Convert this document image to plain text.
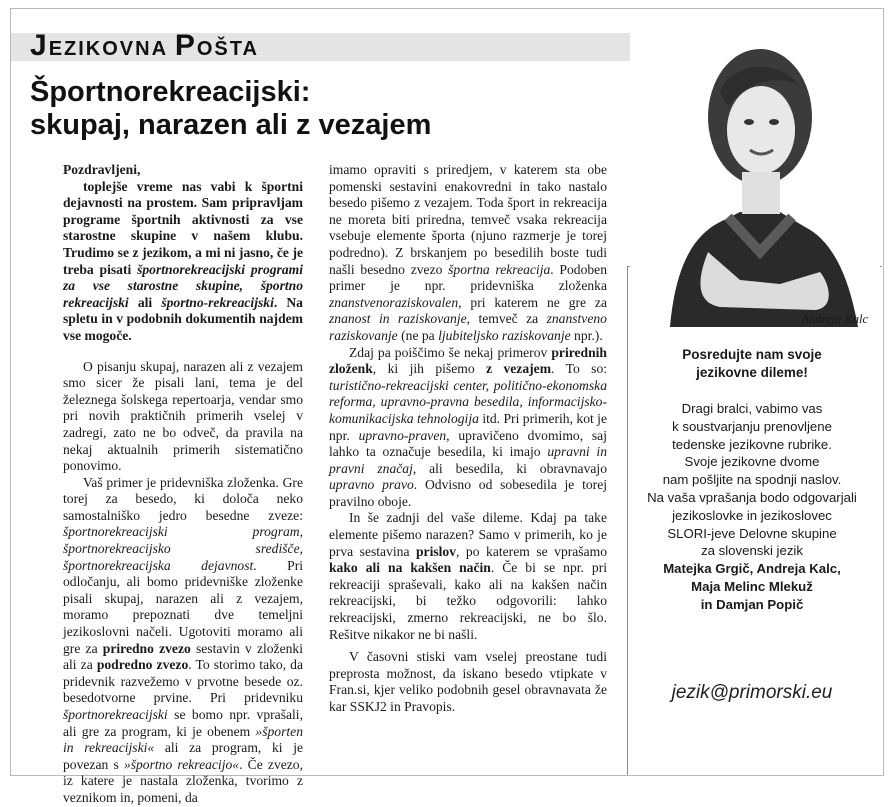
JEZIKOVNA POŠTA
Športnorekreacijski:
skupaj, narazen ali z vezajem

Pozdravljeni,

toplejše vreme nas vabi k športni dejavnosti na prostem. Sam pripravljam programe športnih aktivnosti za vse starostne skupine v našem klubu. Trudimo se z jezikom, a mi ni jasno, če je treba pisati športnorekreacijski programi za vse starostne skupine, športno rekreacijski ali športno-rekreacijski. Na spletu in v podobnih dokumentih najdem vse mogoče.

O pisanju skupaj, narazen ali z vezajem smo sicer že pisali lani, tema je del železnega šolskega repertoarja, vendar smo pri novih praktičnih primerih vselej v zadregi, zato ne bo odveč, da pravila na nekaj aktualnih primerih sistematično ponovimo.

Vaš primer je pridevniška zloženka. Gre torej za besedo, ki določa neko samostalniško jedro besedne zveze: športnorekreacijski program, športnorekreacijsko središče, športnorekreacijska dejavnost. Pri odločanju, ali bomo pridevniške zloženke pisali skupaj, narazen ali z vezajem, moramo prepoznati dve temeljni jezikoslovni načeli. Ugotoviti moramo ali gre za priredno zvezo sestavin v zloženki ali za podredno zvezo. To storimo tako, da pridevnik razvežemo v prvotne besede oz. besedotvorne prvine. Pri pridevniku športnorekreacijski se bomo npr. vprašali, ali gre za program, ki je obenem »športen in rekreacijski« ali za program, ki je povezan s »športno rekreacijo«. Če zvezo, iz katere je nastala zloženka, tvorimo z veznikom in, pomeni, da

imamo opraviti s priredjem, v katerem sta obe pomenski sestavini enakovredni in tako nastalo besedo pišemo z vezajem. Toda šport in rekreacija ne moreta biti priredna, temveč vsaka rekreacija vsebuje elemente športa (njuno razmerje je torej podredno). Z brskanjem po besedilih boste tudi našli besedno zvezo športna rekreacija. Podoben primer je npr. pridevniška zloženka znanstvenoraziskovalen, pri katerem ne gre za znanost in raziskovanje, temveč za znanstveno raziskovanje (ne pa ljubiteljsko raziskovanje npr.).

Zdaj pa poiščimo še nekaj primerov prirednih zloženk, ki jih pišemo z vezajem. To so: turistično-rekreacijski center, politično-ekonomska reforma, upravno-pravna besedila, informacijsko-komunikacijska tehnologija itd. Pri primerih, kot je npr. upravno-praven, upravičeno dvomimo, saj lahko ta označuje besedila, ki imajo upravni in pravni značaj, ali besedila, ki obravnavajo upravno pravo. Odvisno od sobesedila je torej pravilno oboje.

In še zadnji del vaše dileme. Kdaj pa take elemente pišemo narazen? Samo v primerih, ko je prva sestavina prislov, po katerem se vprašamo kako ali na kakšen način. Če bi se npr. pri rekreaciji spraševali, kako ali na kakšen način rekreacijski, bi težko odgovorili: lahko rekreacijski, zmerno rekreacijski, ne bo šlo. Rešitve nikakor ne bi našli.

V časovni stiski vam vselej preostane tudi preprosta možnost, da iskano besedo vtipkate v Fran.si, kjer veliko podobnih gesel obravnavata že kar SSKJ2 in Pravopis.

Andreja Kalc
Posredujte nam svoje
jezikovne dileme!
Dragi bralci, vabimo vas
k soustvarjanju prenovljene
tedenske jezikovne rubrike.
Svoje jezikovne dvome
nam pošljite na spodnji naslov.
Na vaša vprašanja bodo odgovarjali
jezikoslovke in jezikoslovec
SLORI-jeve Delovne skupine
za slovenski jezik
Matejka Grgič, Andreja Kalc,
Maja Melinc Mlekuž
in Damjan Popič
jezik@primorski.eu
